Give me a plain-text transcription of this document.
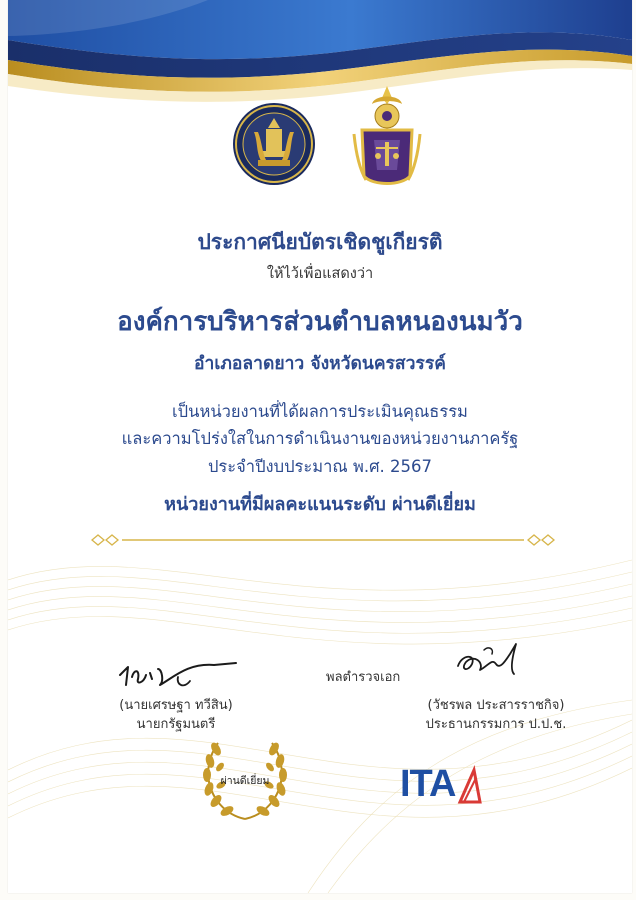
ประกาศนียบัตรเชิดชูเกียรติ
ให้ไว้เพื่อแสดงว่า
องค์การบริหารส่วนตำบลหนองนมวัว
อำเภอลาดยาว จังหวัดนครสวรรค์
เป็นหน่วยงานที่ได้ผลการประเมินคุณธรรม
และความโปร่งใสในการดำเนินงานของหน่วยงานภาครัฐ
ประจำปีงบประมาณ พ.ศ. 2567
หน่วยงานที่มีผลคะแนนระดับ ผ่านดีเยี่ยม
(นายเศรษฐา ทวีสิน)
นายกรัฐมนตรี
พลตำรวจเอก
(วัชรพล ประสารราชกิจ)
ประธานกรรมการ ป.ป.ช.
ผ่านดีเยี่ยม	ITA
